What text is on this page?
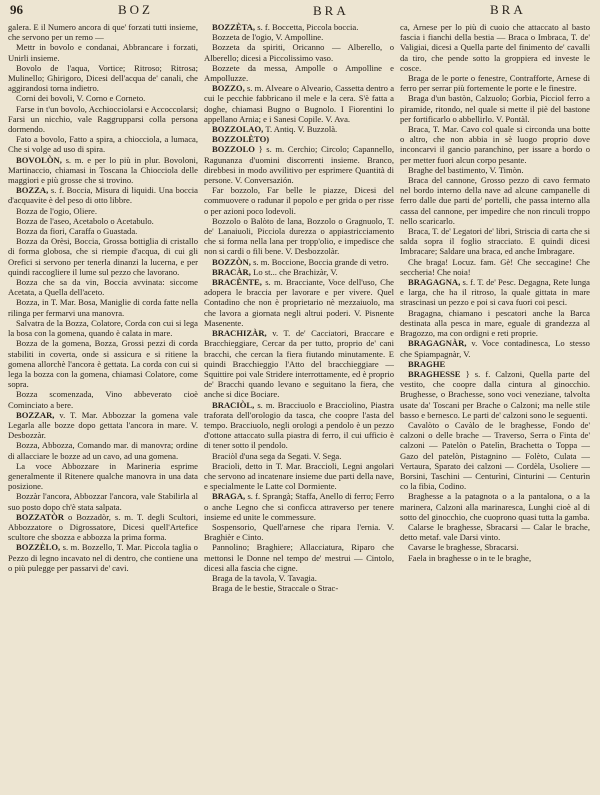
96	BOZ	BRA	BRA

galera. E il Numero ancora di que' forzati tutti insieme, che servono per un remo —

Mettr in bovolo e condanai, Abbrancare i forzati, Unirli insieme.

Bovolo de l'aqua, Vortice; Ritroso; Ritrosa; Mulinello; Ghirigoro, Dicesi dell'acqua de' canali, che aggirandosi torna indietro.

Corni dei bovoli, V. Corno e Corneto.

Farse in t'un bovolo, Acchiocciolarsi e Accoccolarsi; Farsi un nicchio, vale Raggrupparsi colla persona dormendo.

Fato a bovolo, Fatto a spira, a chiocciola, a lumaca, Che si volge ad uso di spira.

BOVOLÒN, s. m. e per lo più in plur. Bovoloni, Martinaccio, chiamasi in Toscana la Chiocciola delle maggiori e più grosse che si trovino.

BOZZA, s. f. Boccia, Misura di liquidi. Una boccia d'acquavite è del peso di otto libbre.

Bozza de l'ogio, Oliere.

Bozza de l'aseo, Acetabolo o Acetabulo.

Bozza da fiori, Caraffa o Guastada.

Bozza da Orèsi, Boccia, Grossa bottiglia di cristallo di forma globosa, che si riempie d'acqua, di cui gli Orefici si servono per tenerla dinanzi la lucerna, e per quindi raccogliere il lume sul pezzo che lavorano.

Bozza che sa da vin, Boccia avvinata: siccome Acetata, a Quella dell'aceto.

Bozza, in T. Mar. Bosa, Maniglie di corda fatte nella rilinga per fermarvi una manovra.

Salvatra de la Bozza, Colatore, Corda con cui si lega la bosa con la gomena, quando è calata in mare.

Bozza de la gomena, Bozza, Grossi pezzi di corda stabiliti in coverta, onde si assicura e si ritiene la gomena allorchè l'ancora è gettata. La corda con cui si lega la bozza con la gomena, chiamasi Colatore, come sopra.

Bozza scomenzada, Vino abbeverato cioè Cominciato a bere.

BOZZAR, v. T. Mar. Abbozzar la gomena vale Legarla alle bozze dopo gettata l'ancora in mare. V. Desbozzàr.

Bozza, Abbozza, Comando mar. di manovra; ordine di allacciare le bozze ad un cavo, ad una gomena.

La voce Abbozzare in Marineria esprime generalmente il Ritenere qualche manovra in una data posizione.

Bozzàr l'ancora, Abbozzar l'ancora, vale Stabilirla al suo posto dopo ch'è stata salpata.

BOZZATÒR o Bozzadòr, s. m. T. degli Scultori, Abbozzatore o Digrossatore, Dicesi quell'Artefice scultore che sbozza e abbozza la prima forma.

BOZZÈLO, s. m. Bozzello, T. Mar. Piccola taglia o Pezzo di legno incavato nel di dentro, che contiene una o più pulegge per passarvi de' cavi.

BOZZÈTA, s. f. Boccetta, Piccola boccia.

Bozzeta de l'ogio, V. Ampolline.

Bozzeta da spiriti, Oricanno — Alberello, o Alberello; dicesi a Piccolissimo vaso.

Bozzete da messa, Ampolle o Ampolline e Ampolluzze.

BOZZO, s. m. Alveare o Alveario, Cassetta dentro a cui le pecchie fabbricano il mele e la cera. S'è fatta a doghe, chiamasi Bugno o Bugnolo. I Fiorentini lo appellano Arnia; e i Sanesi Copile. V. Ava.

BOZZOLAO, T. Antiq. V. Buzzolà.

BOZZOLÈTO)

BOZZOLO } s. m. Cerchio; Circolo; Capannello, Ragunanza d'uomini discorrenti insieme. Branco, direbbesi in modo avvilitivo per esprimere Quantità di persone. V. Conversazión.

Far bozzolo, Far belle le piazze, Dicesi del commuovere o radunar il popolo e per grida o per risse o per azioni poco lodevoli.

Bozzolo o Balòto de lana, Bozzolo o Gragnuolo, T. de' Lanaiuoli, Picciola durezza o appiastricciamento che si forma nella lana per tropp'olio, e impedisce che non si cardi o fili bene. V. Desbozzolàr.

BOZZÒN, s. m. Boccione, Boccia grande di vetro.

BRACÀR, Lo st... che Brachizàr, V.

BRACÈNTE, s. m. Bracciante, Voce dell'uso, Che adopera le braccia per lavorare e per vivere. Quel Contadino che non è proprietario nè mezzaiuolo, ma che lavora a giornata negli altrui poderi. V. Pisnente Masenente.

BRACHIZÀR, v. T. de' Cacciatori, Braccare e Bracchieggiare, Cercar da per tutto, proprio de' cani bracchi, che cercan la fiera fiutando minutamente. E quindi Bracchieggio l'Atto del bracchieggiare — Squittire poi vale Stridere interrottamente, ed è proprio de' Bracchi quando levano e seguitano la fiera, che anche si dice Bociare.

BRACIÒL, s. m. Bracciuolo e Bracciolino, Piastra traforata dell'orologio da tasca, che coopre l'asta del tempo. Bracciuolo, negli orologi a pendolo è un pezzo d'ottone attaccato sulla piastra di ferro, il cui ufficio è di tener sotto il pendolo.

Braciòl d'una sega da Segati. V. Sega.

Bracioli, detto in T. Mar. Braccioli, Legni angolari che servono ad incatenare insieme due parti della nave, e specialmente le Latte col Dormiente.

BRAGA, s. f. Sprangà; Staffa, Anello di ferro; Ferro o anche Legno che si conficca attraverso per tenere insieme ed unite le commessure.

Sospensorio, Quell'arnese che ripara l'ernia. V. Braghièr e Cinto.

Pannolino; Braghiere; Allacciatura, Riparo che mettonsi le Donne nel tempo de' mestrui — Cintolo, dicesi alla fascia che cigne.

Braga de la tavola, V. Tavagia.

Braga de le bestie, Straccale o Strac-

ca, Arnese per lo più di cuoio che attaccato al basto fascia i fianchi della bestia — Braca o Imbraca, T. de' Valigiai, dicesi a Quella parte del finimento de' cavalli da tiro, che pende sotto la groppiera ed investe le cosce.

Braga de le porte o fenestre, Contrafforte, Arnese di ferro per serrar più fortemente le porte e le finestre.

Braga d'un bastòn, Calzuolo; Gorbia, Picciol ferro a piramide, ritondo, nel quale si mette il piè del bastone per fortificarlo o abbellirlo. V. Pontàl.

Braca, T. Mar. Cavo col quale si circonda una botte o altro, che non abbia in sè luogo proprio dove inconcarvi il gancio paranchino, per issare a bordo o per metter fuori alcun corpo pesante.

Braghe del bastimento, V. Timòn.

Braca del cannone, Grosso pezzo di cavo fermato nel bordo interno della nave ad alcune campanelle di ferro dalle due parti de' portelli, che passa interno alla cassa del cannone, per impedire che non rinculi troppo nello scaricarlo.

Braca, T. de' Legatori de' libri, Striscia di carta che si salda sopra il foglio stracciato. E quindi dicesi Imbracare; Saldare una braca, ed anche Imbragare.

Che braga! Locuz. fam. Gè! Che seccagine! Che seccheria! Che noia!

BRAGAGNA, s. f. T. de' Pesc. Degagna, Rete lunga e larga, che ha il ritroso, la quale gittata in mare strascinasi un pezzo e poi si cava fuori coi pesci.

Bragagna, chiamano i pescatori anche la Barca destinata alla pesca in mare, eguale di grandezza al Bragozzo, ma con ordigni e reti proprie.

BRAGAGNÀR, v. Voce contadinesca, Lo stesso che Spiampagnàr, V.

BRAGHE

BRAGHESSE } s. f. Calzoni, Quella parte del vestito, che coopre dalla cintura al ginocchio. Brughesse, o Brachesse, sono voci veneziane, talvolta usate da' Toscani per Brache o Calzoni; ma nelle stile basso e bernesco. Le parti de' calzoni sono le seguenti.

Cavalòto o Cavàlo de le braghesse, Fondo de' calzoni o delle brache — Traverso, Serra o Finta de' calzoni — Patelòn o Patelìn, Brachetta o Toppa — Gazo del patelòn, Pistagnino — Folèto, Culata — Vertaura, Sparato dei calzoni — Cordèla, Usoliere — Borsini, Taschini — Centurìni, Cinturini — Centurìn co la fibia, Codino.

Braghesse a la patagnota o a la pantalona, o a la marinera, Calzoni alla marinaresca, Lunghi cioè al di sotto del ginocchio, che cuoprono quasi tutta la gamba.

Calarse le braghesse, Sbracarsi — Calar le brache, detto metaf. vale Darsi vinto.

Cavarse le braghesse, Sbracarsi.

Faela in braghesse o in te le braghe,
